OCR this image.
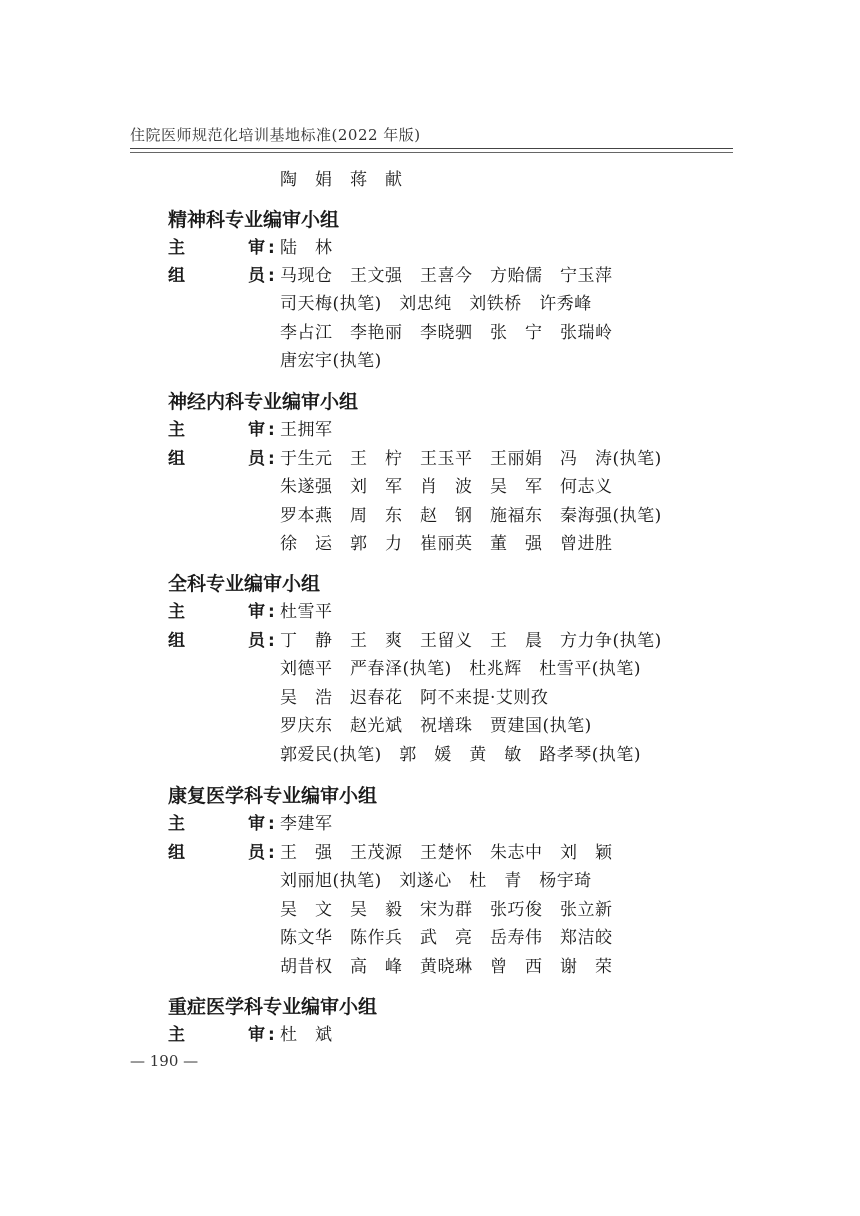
住院医师规范化培训基地标准(2022 年版)
陶　娟　蒋　献
精神科专业编审小组
主	审 : 陆　林
组	员 : 马现仓　王文强　王喜今　方贻儒　宁玉萍
司天梅(执笔)　刘忠纯　刘铁桥　许秀峰
李占江　李艳丽　李晓驷　张　宁　张瑞岭
唐宏宇(执笔)
神经内科专业编审小组
主	审 : 王拥军
组	员 : 于生元　王　柠　王玉平　王丽娟　冯　涛(执笔)
朱遂强　刘　军　肖　波　吴　军　何志义
罗本燕　周　东　赵　钢　施福东　秦海强(执笔)
徐　运　郭　力　崔丽英　董　强　曾进胜
全科专业编审小组
主	审 : 杜雪平
组	员 : 丁　静　王　爽　王留义　王　晨　方力争(执笔)
刘德平　严春泽(执笔)　杜兆辉　杜雪平(执笔)
吴　浩　迟春花　阿不来提·艾则孜
罗庆东　赵光斌　祝墡珠　贾建国(执笔)
郭爱民(执笔)　郭　媛　黄　敏　路孝琴(执笔)
康复医学科专业编审小组
主	审 : 李建军
组	员 : 王　强　王茂源　王楚怀　朱志中　刘　颖
刘丽旭(执笔)　刘遂心　杜　青　杨宇琦
吴　文　吴　毅　宋为群　张巧俊　张立新
陈文华　陈作兵　武　亮　岳寿伟　郑洁皎
胡昔权　高　峰　黄晓琳　曾　西　谢　荣
重症医学科专业编审小组
主	审 : 杜　斌
— 190 —
